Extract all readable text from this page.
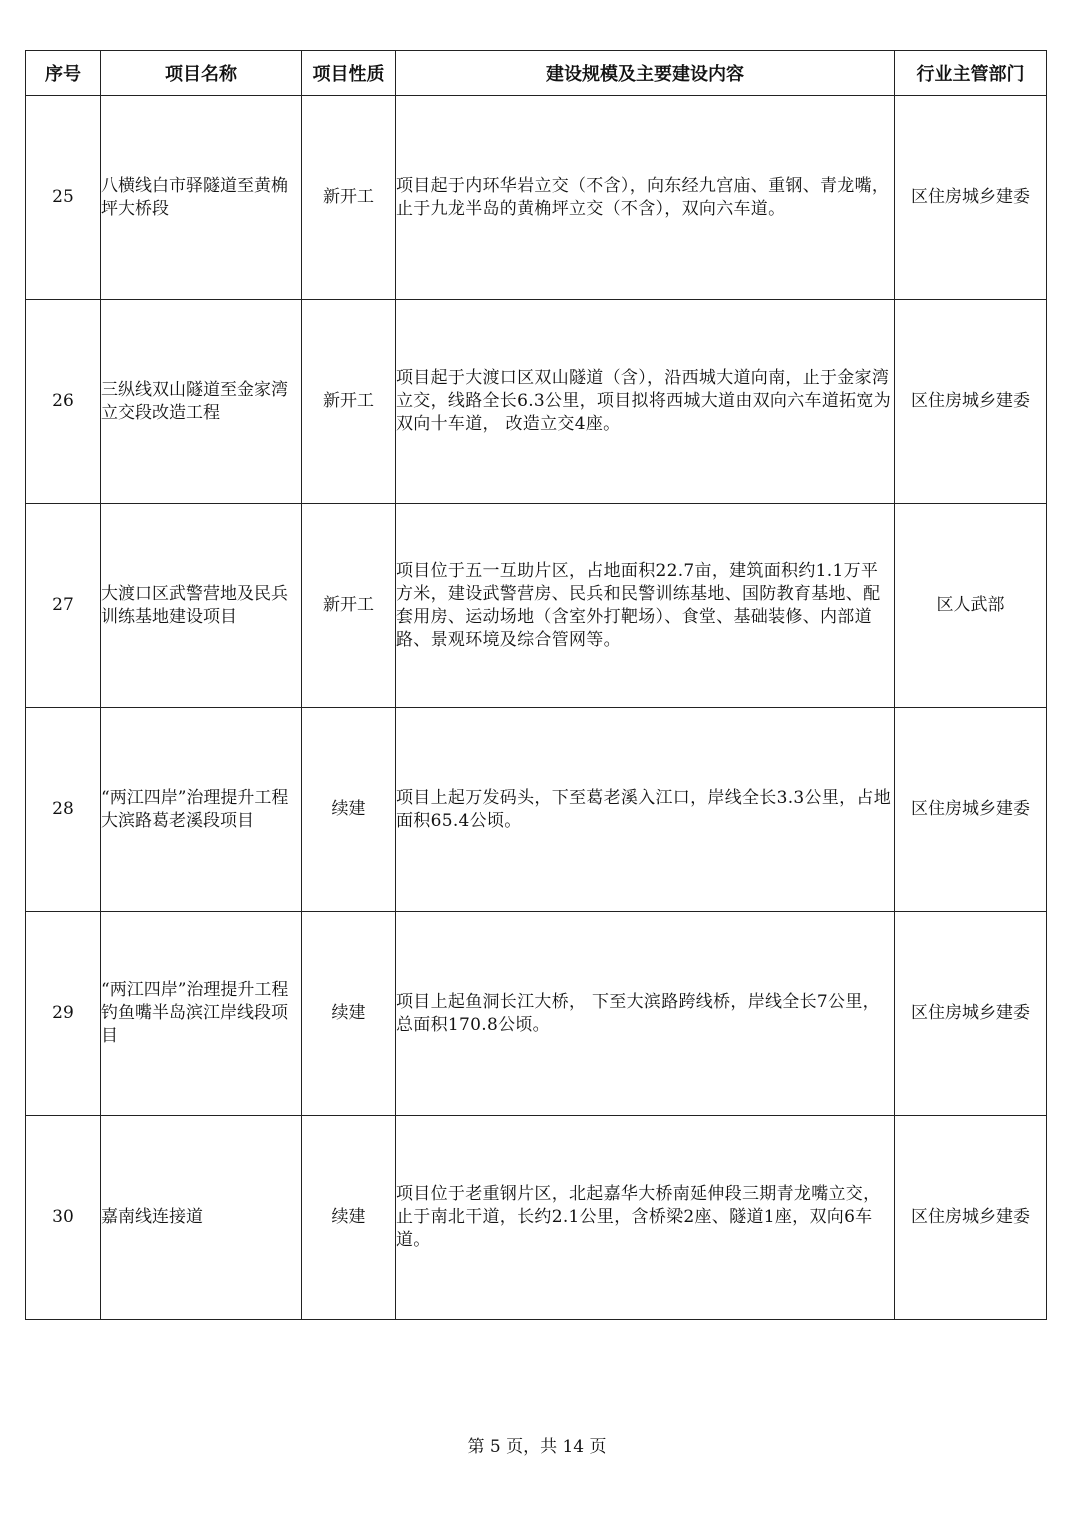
序号	项目名称	项目性质	建设规模及主要建设内容	行业主管部门
25	八横线白市驿隧道至黄桷坪大桥段	新开工	项目起于内环华岩立交（不含），向东经九宫庙、重钢、青龙嘴，止于九龙半岛的黄桷坪立交（不含），双向六车道。	区住房城乡建委
26	三纵线双山隧道至金家湾立交段改造工程	新开工	项目起于大渡口区双山隧道（含），沿西城大道向南，止于金家湾立交，线路全长6.3公里，项目拟将西城大道由双向六车道拓宽为双向十车道， 改造立交4座。	区住房城乡建委
27	大渡口区武警营地及民兵训练基地建设项目	新开工	项目位于五一互助片区，占地面积22.7亩，建筑面积约1.1万平方米，建设武警营房、民兵和民警训练基地、国防教育基地、配套用房、运动场地（含室外打靶场）、食堂、基础装修、内部道路、景观环境及综合管网等。	区人武部
28	“两江四岸”治理提升工程大滨路葛老溪段项目	续建	项目上起万发码头，下至葛老溪入江口，岸线全长3.3公里，占地面积65.4公顷。	区住房城乡建委
29	“两江四岸”治理提升工程钓鱼嘴半岛滨江岸线段项目	续建	项目上起鱼洞长江大桥， 下至大滨路跨线桥，岸线全长7公里，总面积170.8公顷。	区住房城乡建委
30	嘉南线连接道	续建	项目位于老重钢片区，北起嘉华大桥南延伸段三期青龙嘴立交，止于南北干道，长约2.1公里，含桥梁2座、隧道1座，双向6车道。	区住房城乡建委
第 5 页，共 14 页
